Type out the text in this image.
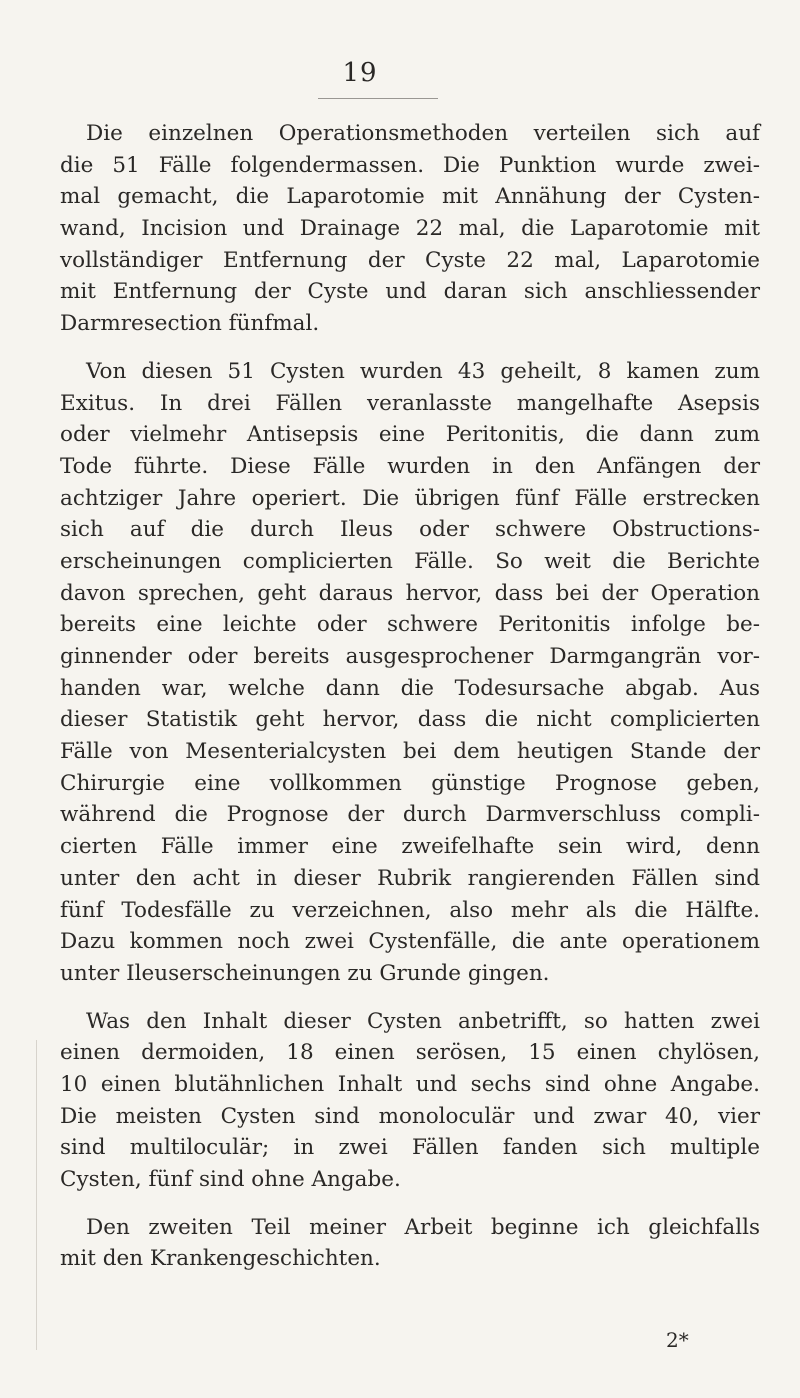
19
Die einzelnen Operationsmethoden verteilen sich auf
die 51 Fälle folgendermassen. Die Punktion wurde zwei-
mal gemacht, die Laparotomie mit Annähung der Cysten-
wand, Incision und Drainage 22 mal, die Laparotomie mit
vollständiger Entfernung der Cyste 22 mal, Laparotomie
mit Entfernung der Cyste und daran sich anschliessender
Darmresection fünfmal.
Von diesen 51 Cysten wurden 43 geheilt, 8 kamen zum
Exitus. In drei Fällen veranlasste mangelhafte Asepsis
oder vielmehr Antisepsis eine Peritonitis, die dann zum
Tode führte. Diese Fälle wurden in den Anfängen der
achtziger Jahre operiert. Die übrigen fünf Fälle erstrecken
sich auf die durch Ileus oder schwere Obstructions-
erscheinungen complicierten Fälle. So weit die Berichte
davon sprechen, geht daraus hervor, dass bei der Operation
bereits eine leichte oder schwere Peritonitis infolge be-
ginnender oder bereits ausgesprochener Darmgangrän vor-
handen war, welche dann die Todesursache abgab. Aus
dieser Statistik geht hervor, dass die nicht complicierten
Fälle von Mesenterialcysten bei dem heutigen Stande der
Chirurgie eine vollkommen günstige Prognose geben,
während die Prognose der durch Darmverschluss compli-
cierten Fälle immer eine zweifelhafte sein wird, denn
unter den acht in dieser Rubrik rangierenden Fällen sind
fünf Todesfälle zu verzeichnen, also mehr als die Hälfte.
Dazu kommen noch zwei Cystenfälle, die ante operationem
unter Ileuserscheinungen zu Grunde gingen.
Was den Inhalt dieser Cysten anbetrifft, so hatten zwei
einen dermoiden, 18 einen serösen, 15 einen chylösen,
10 einen blutähnlichen Inhalt und sechs sind ohne Angabe.
Die meisten Cysten sind monoloculär und zwar 40, vier
sind multiloculär; in zwei Fällen fanden sich multiple
Cysten, fünf sind ohne Angabe.
Den zweiten Teil meiner Arbeit beginne ich gleichfalls
mit den Krankengeschichten.
2*
